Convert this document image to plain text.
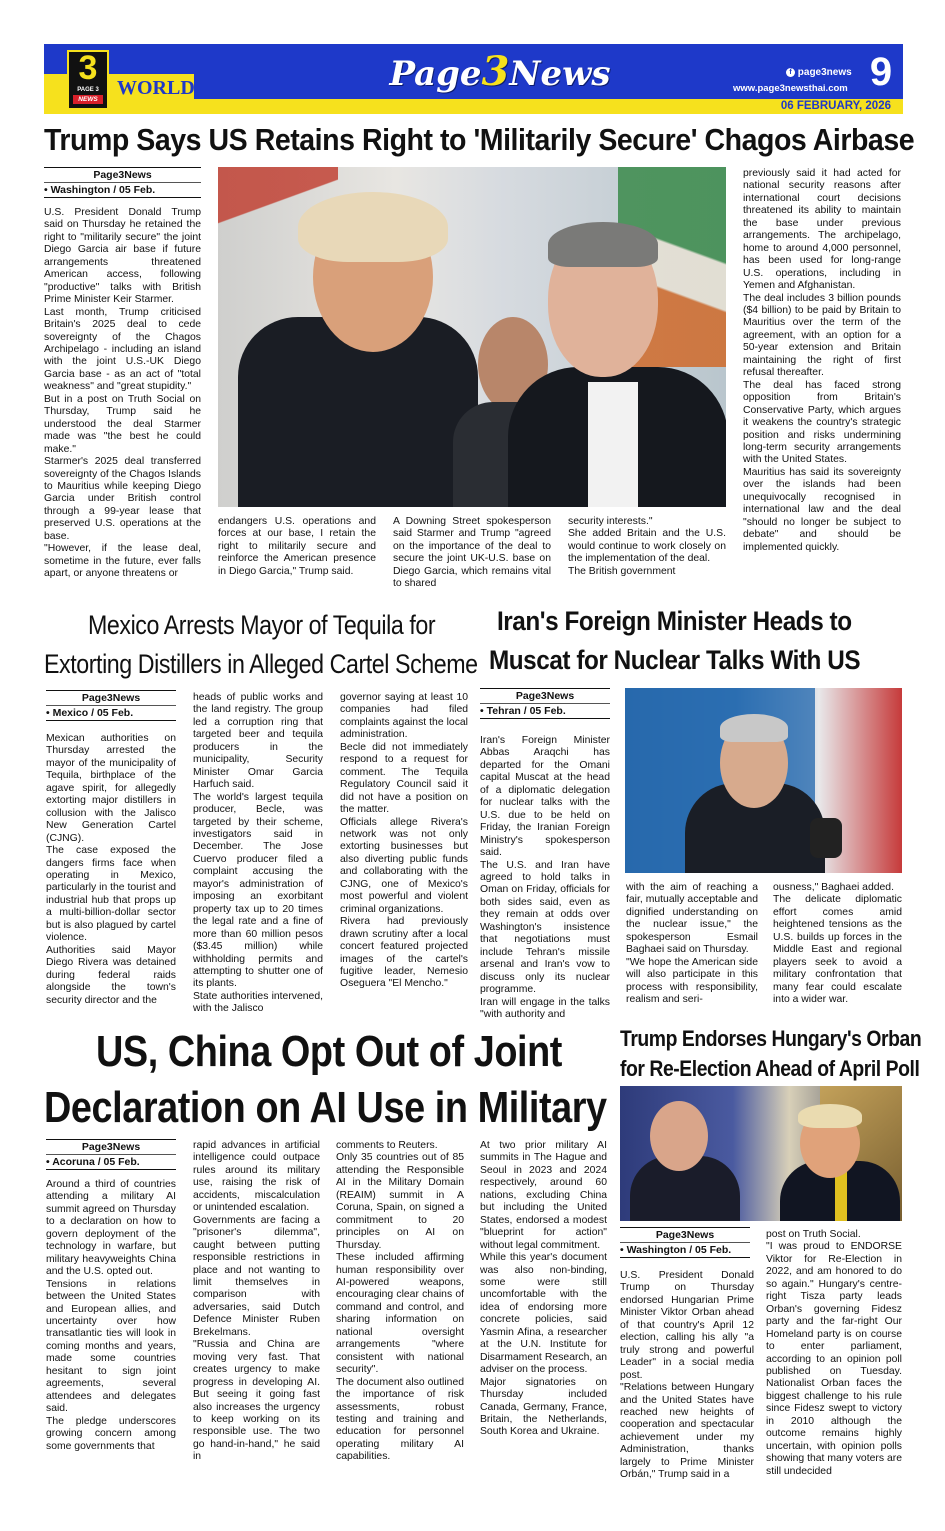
3
PAGE 3
NEWS
WORLD	Page3News	f page3news
www.page3newsthai.com 9
06 FEBRUARY, 2026
Trump Says US Retains Right to 'Militarily Secure' Chagos Airbase
Page3News
• Washington / 05 Feb.
U.S. President Donald Trump said on Thursday he retained the right to "militarily secure" the joint Diego Garcia air base if future arrangements threatened American access, following "productive" talks with British Prime Minister Keir Starmer.
Last month, Trump criticised Britain's 2025 deal to cede sovereignty of the Chagos Archipelago - including an island with the joint U.S.-UK Diego Garcia base - as an act of "total weakness" and "great stupidity."
But in a post on Truth Social on Thursday, Trump said he understood the deal Starmer made was "the best he could make."
Starmer's 2025 deal transferred sovereignty of the Chagos Islands to Mauritius while keeping Diego Garcia under British control through a 99-year lease that preserved U.S. operations at the base.
"However, if the lease deal, sometime in the future, ever falls apart, or anyone threatens or
endangers U.S. operations and forces at our base, I retain the right to militarily secure and reinforce the American presence in Diego Garcia," Trump said.
A Downing Street spokesperson said Starmer and Trump "agreed on the importance of the deal to secure the joint UK-U.S. base on Diego Garcia, which remains vital to shared
security interests."
She added Britain and the U.S. would continue to work closely on the implementation of the deal.
The British government
previously said it had acted for national security reasons after international court decisions threatened its ability to maintain the base under previous arrangements. The archipelago, home to around 4,000 personnel, has been used for long-range U.S. operations, including in Yemen and Afghanistan.
The deal includes 3 billion pounds ($4 billion) to be paid by Britain to Mauritius over the term of the agreement, with an option for a 50-year extension and Britain maintaining the right of first refusal thereafter.
The deal has faced strong opposition from Britain's Conservative Party, which argues it weakens the country's strategic position and risks undermining long-term security arrangements with the United States.
Mauritius has said its sovereignty over the islands had been unequivocally recognised in international law and the deal "should no longer be subject to debate" and should be implemented quickly.
Mexico Arrests Mayor of Tequila for
Extorting Distillers in Alleged Cartel Scheme
Page3News
• Mexico / 05 Feb.
Mexican authorities on Thursday arrested the mayor of the municipality of Tequila, birthplace of the agave spirit, for allegedly extorting major distillers in collusion with the Jalisco New Generation Cartel (CJNG).
The case exposed the dangers firms face when operating in Mexico, particularly in the tourist and industrial hub that props up a multi-billion-dollar sector but is also plagued by cartel violence.
Authorities said Mayor Diego Rivera was detained during federal raids alongside the town's security director and the
heads of public works and the land registry. The group led a corruption ring that targeted beer and tequila producers in the municipality, Security Minister Omar Garcia Harfuch said.
The world's largest tequila producer, Becle, was targeted by their scheme, investigators said in December. The Jose Cuervo producer filed a complaint accusing the mayor's administration of imposing an exorbitant property tax up to 20 times the legal rate and a fine of more than 60 million pesos ($3.45 million) while withholding permits and attempting to shutter one of its plants.
State authorities intervened, with the Jalisco
governor saying at least 10 companies had filed complaints against the local administration.
Becle did not immediately respond to a request for comment. The Tequila Regulatory Council said it did not have a position on the matter.
Officials allege Rivera's network was not only extorting businesses but also diverting public funds and collaborating with the CJNG, one of Mexico's most powerful and violent criminal organizations.
Rivera had previously drawn scrutiny after a local concert featured projected images of the cartel's fugitive leader, Nemesio Oseguera "El Mencho."
Iran's Foreign Minister Heads to
Muscat for Nuclear Talks With US
Page3News
• Tehran / 05 Feb.
Iran's Foreign Minister Abbas Araqchi has departed for the Omani capital Muscat at the head of a diplomatic delegation for nuclear talks with the U.S. due to be held on Friday, the Iranian Foreign Ministry's spokesperson said.
The U.S. and Iran have agreed to hold talks in Oman on Friday, officials for both sides said, even as they remain at odds over Washington's insistence that negotiations must include Tehran's missile arsenal and Iran's vow to discuss only its nuclear programme.
Iran will engage in the talks "with authority and
with the aim of reaching a fair, mutually acceptable and dignified understanding on the nuclear issue," the spokesperson Esmail Baghaei said on Thursday.
"We hope the American side will also participate in this process with responsibility, realism and seri-
ousness," Baghaei added.
The delicate diplomatic effort comes amid heightened tensions as the U.S. builds up forces in the Middle East and regional players seek to avoid a military confrontation that many fear could escalate into a wider war.
US, China Opt Out of Joint
Declaration on AI Use in Military
Page3News
• Acoruna / 05 Feb.
Around a third of countries attending a military AI summit agreed on Thursday to a declaration on how to govern deployment of the technology in warfare, but military heavyweights China and the U.S. opted out.
Tensions in relations between the United States and European allies, and uncertainty over how transatlantic ties will look in coming months and years, made some countries hesitant to sign joint agreements, several attendees and delegates said.
The pledge underscores growing concern among some governments that
rapid advances in artificial intelligence could outpace rules around its military use, raising the risk of accidents, miscalculation or unintended escalation.
Governments are facing a "prisoner's dilemma", caught between putting responsible restrictions in place and not wanting to limit themselves in comparison with adversaries, said Dutch Defence Minister Ruben Brekelmans.
"Russia and China are moving very fast. That creates urgency to make progress in developing AI. But seeing it going fast also increases the urgency to keep working on its responsible use. The two go hand-in-hand," he said in
comments to Reuters.
Only 35 countries out of 85 attending the Responsible AI in the Military Domain (REAIM) summit in A Coruna, Spain, on signed a commitment to 20 principles on AI on Thursday.
These included affirming human responsibility over AI-powered weapons, encouraging clear chains of command and control, and sharing information on national oversight arrangements "where consistent with national security".
The document also outlined the importance of risk assessments, robust testing and training and education for personnel operating military AI capabilities.
At two prior military AI summits in The Hague and Seoul in 2023 and 2024 respectively, around 60 nations, excluding China but including the United States, endorsed a modest "blueprint for action" without legal commitment.
While this year's document was also non-binding, some were still uncomfortable with the idea of endorsing more concrete policies, said Yasmin Afina, a researcher at the U.N. Institute for Disarmament Research, an adviser on the process.
Major signatories on Thursday included Canada, Germany, France, Britain, the Netherlands, South Korea and Ukraine.
Trump Endorses Hungary's Orban
for Re-Election Ahead of April Poll
Page3News
• Washington / 05 Feb.
U.S. President Donald Trump on Thursday endorsed Hungarian Prime Minister Viktor Orban ahead of that country's April 12 election, calling his ally "a truly strong and powerful Leader" in a social media post.
"Relations between Hungary and the United States have reached new heights of cooperation and spectacular achievement under my Administration, thanks largely to Prime Minister Orbán," Trump said in a
post on Truth Social.
"I was proud to ENDORSE Viktor for Re-Election in 2022, and am honored to do so again." Hungary's centre-right Tisza party leads Orban's governing Fidesz party and the far-right Our Homeland party is on course to enter parliament, according to an opinion poll published on Tuesday. Nationalist Orban faces the biggest challenge to his rule since Fidesz swept to victory in 2010 although the outcome remains highly uncertain, with opinion polls showing that many voters are still undecided
